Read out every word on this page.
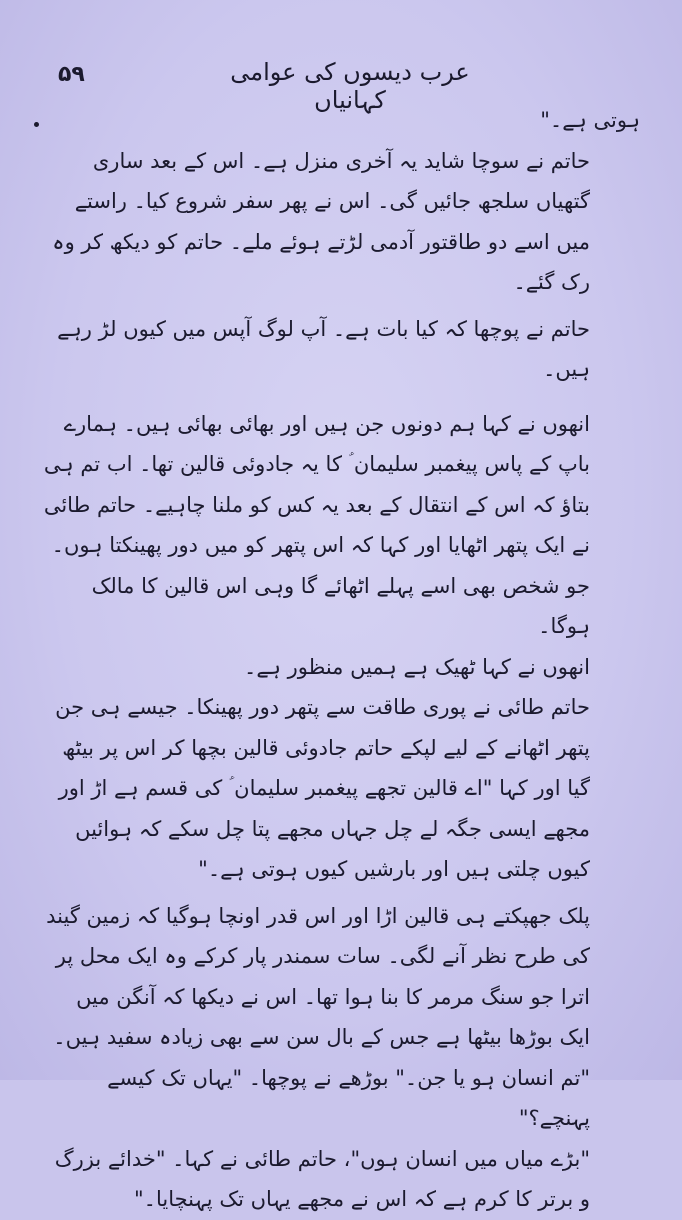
۵۹	عرب دیسوں کی عوامی کہانیاں

ہوتی ہے۔"

حاتم نے سوچا شاید یہ آخری منزل ہے۔ اس کے بعد ساری گتھیاں سلجھ جائیں گی۔ اس نے پھر سفر شروع کیا۔ راستے میں اسے دو طاقتور آدمی لڑتے ہوئے ملے۔ حاتم کو دیکھ کر وہ رک گئے۔

حاتم نے پوچھا کہ کیا بات ہے۔ آپ لوگ آپس میں کیوں لڑ رہے ہیں۔

انھوں نے کہا ہم دونوں جن ہیں اور بھائی بھائی ہیں۔ ہمارے باپ کے پاس پیغمبر سلیمان ؑ کا یہ جادوئی قالین تھا۔ اب تم ہی بتاؤ کہ اس کے انتقال کے بعد یہ کس کو ملنا چاہیے۔ حاتم طائی نے ایک پتھر اٹھایا اور کہا کہ اس پتھر کو میں دور پھینکتا ہوں۔ جو شخص بھی اسے پہلے اٹھائے گا وہی اس قالین کا مالک ہوگا۔

انھوں نے کہا ٹھیک ہے ہمیں منظور ہے۔

حاتم طائی نے پوری طاقت سے پتھر دور پھینکا۔ جیسے ہی جن پتھر اٹھانے کے لیے لپکے حاتم جادوئی قالین بچھا کر اس پر بیٹھ گیا اور کہا "اے قالین تجھے پیغمبر سلیمان ؑ کی قسم ہے اڑ اور مجھے ایسی جگہ لے چل جہاں مجھے پتا چل سکے کہ ہوائیں کیوں چلتی ہیں اور بارشیں کیوں ہوتی ہے۔"

پلک جھپکتے ہی قالین اڑا اور اس قدر اونچا ہوگیا کہ زمین گیند کی طرح نظر آنے لگی۔ سات سمندر پار کرکے وہ ایک محل پر اترا جو سنگ مرمر کا بنا ہوا تھا۔ اس نے دیکھا کہ آنگن میں ایک بوڑھا بیٹھا ہے جس کے بال سن سے بھی زیادہ سفید ہیں۔

"تم انسان ہو یا جن۔" بوڑھے نے پوچھا۔ "یہاں تک کیسے پہنچے؟"

"بڑے میاں میں انسان ہوں"، حاتم طائی نے کہا۔ "خدائے بزرگ و برتر کا کرم ہے کہ اس نے مجھے یہاں تک پہنچایا۔"
